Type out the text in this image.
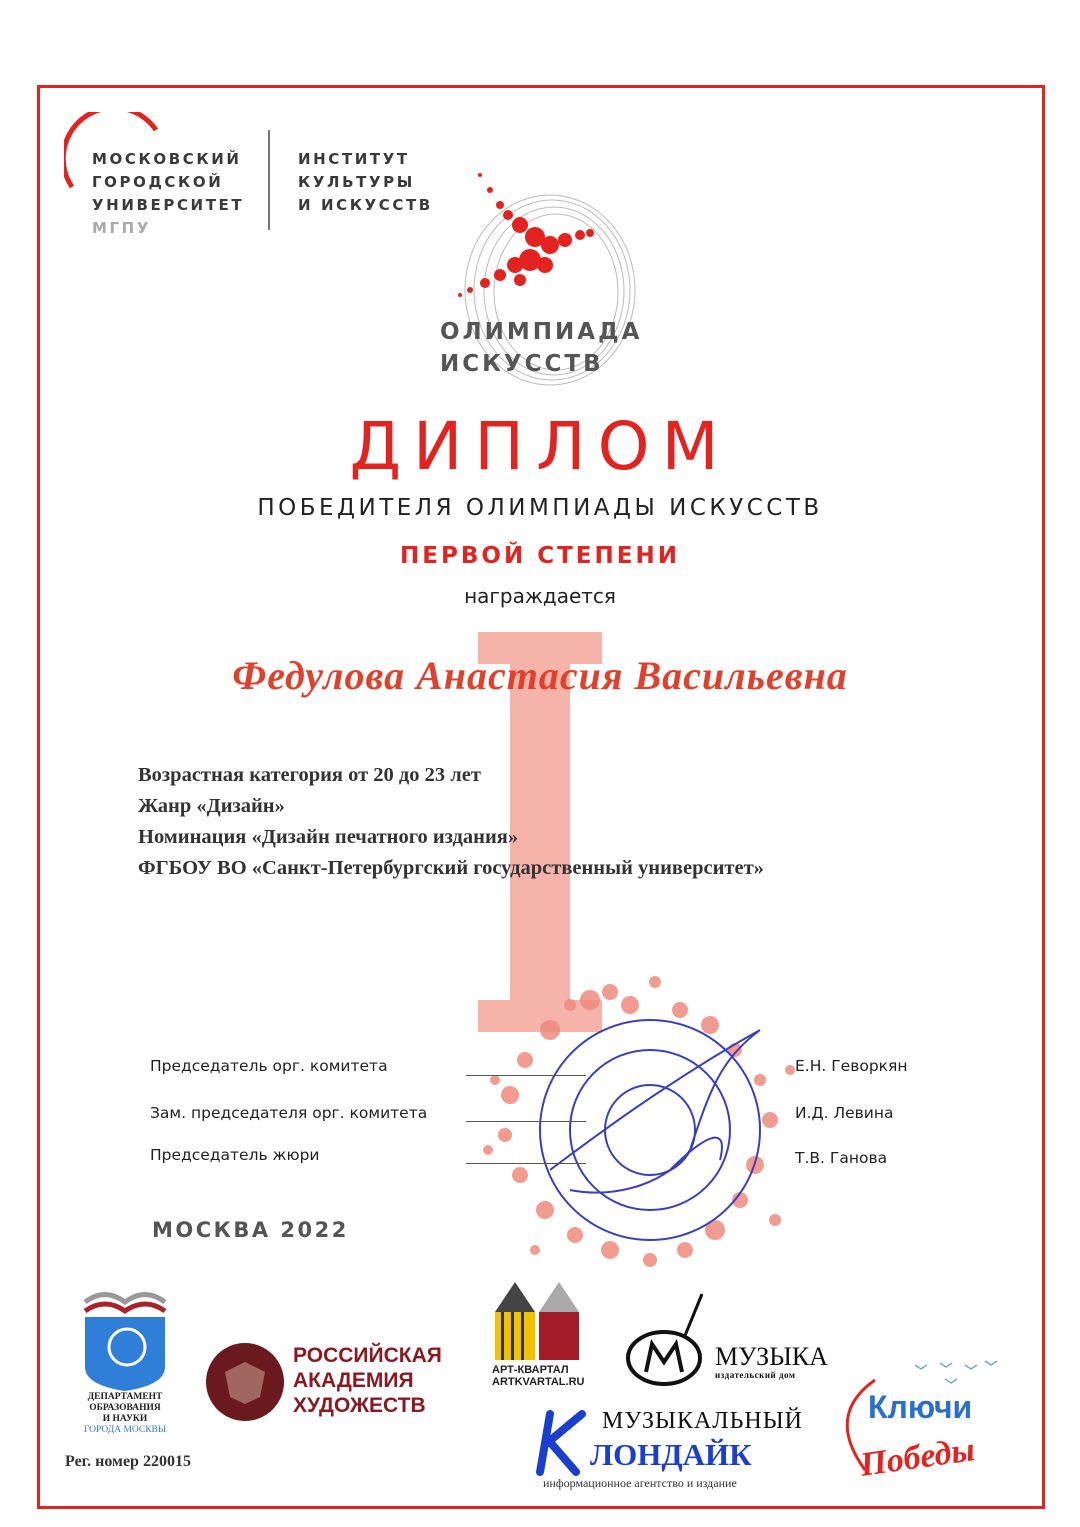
МОСКОВСКИЙ
ГОРОДСКОЙ
УНИВЕРСИТЕТ
МГПУ
ИНСТИТУТ
КУЛЬТУРЫ
И ИСКУССТВ
ОЛИМПИАДА
ИСКУССТВ
ДИПЛОМ
ПОБЕДИТЕЛЯ ОЛИМПИАДЫ ИСКУССТВ
ПЕРВОЙ СТЕПЕНИ
награждается
Федулова Анастасия Васильевна
Возрастная категория от 20 до 23 лет
Жанр «Дизайн»
Номинация «Дизайн печатного издания»
ФГБОУ ВО «Санкт-Петербургский государственный университет»
Председатель орг. комитета	Е.Н. Геворкян
Зам. председателя орг. комитета	И.Д. Левина
Председатель жюри	Т.В. Ганова
МОСКВА 2022
ДЕПАРТАМЕНТ
ОБРАЗОВАНИЯ
И НАУКИ
ГОРОДА МОСКВЫ
РОССИЙСКАЯ
АКАДЕМИЯ
ХУДОЖЕСТВ
АРТ-КВАРТАЛ
ARTKVARTAL.RU
МУЗЫКА
издательский дом
МУЗЫКАЛЬНЫЙ
ЛОНДАЙК
информационное агентство и издание
Ключи
Победы
Рег. номер 220015
